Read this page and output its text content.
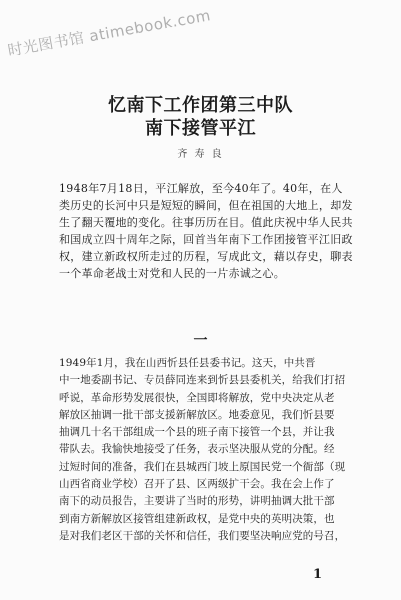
时光图书馆 atimebook.com
忆南下工作团第三中队
南下接管平江
齐 寿 良
1948年7月18日，平江解放，至今40年了。40年，在人
类历史的长河中只是短短的瞬间，但在祖国的大地上，却发
生了翻天覆地的变化。往事历历在目。值此庆祝中华人民共
和国成立四十周年之际，回首当年南下工作团接管平江旧政
权，建立新政权所走过的历程，写成此文，藉以存史，聊表
一个革命老战士对党和人民的一片赤诚之心。
一
1949年1月，我在山西忻县任县委书记。这天，中共晋
中一地委副书记、专员薛同连来到忻县县委机关，给我们打招
呼说，革命形势发展很快，全国即将解放，党中央决定从老
解放区抽调一批干部支援新解放区。地委意见，我们忻县要
抽调几十名干部组成一个县的班子南下接管一个县，并让我
带队去。我愉快地接受了任务，表示坚决服从党的分配。经
过短时间的准备，我们在县城西门坡上原国民党一个衙部（现
山西省商业学校）召开了县、区两级扩干会。我在会上作了
南下的动员报告，主要讲了当时的形势，讲明抽调大批干部
到南方新解放区接管组建新政权，是党中央的英明决策，也
是对我们老区干部的关怀和信任，我们要坚决响应党的号召，
1
